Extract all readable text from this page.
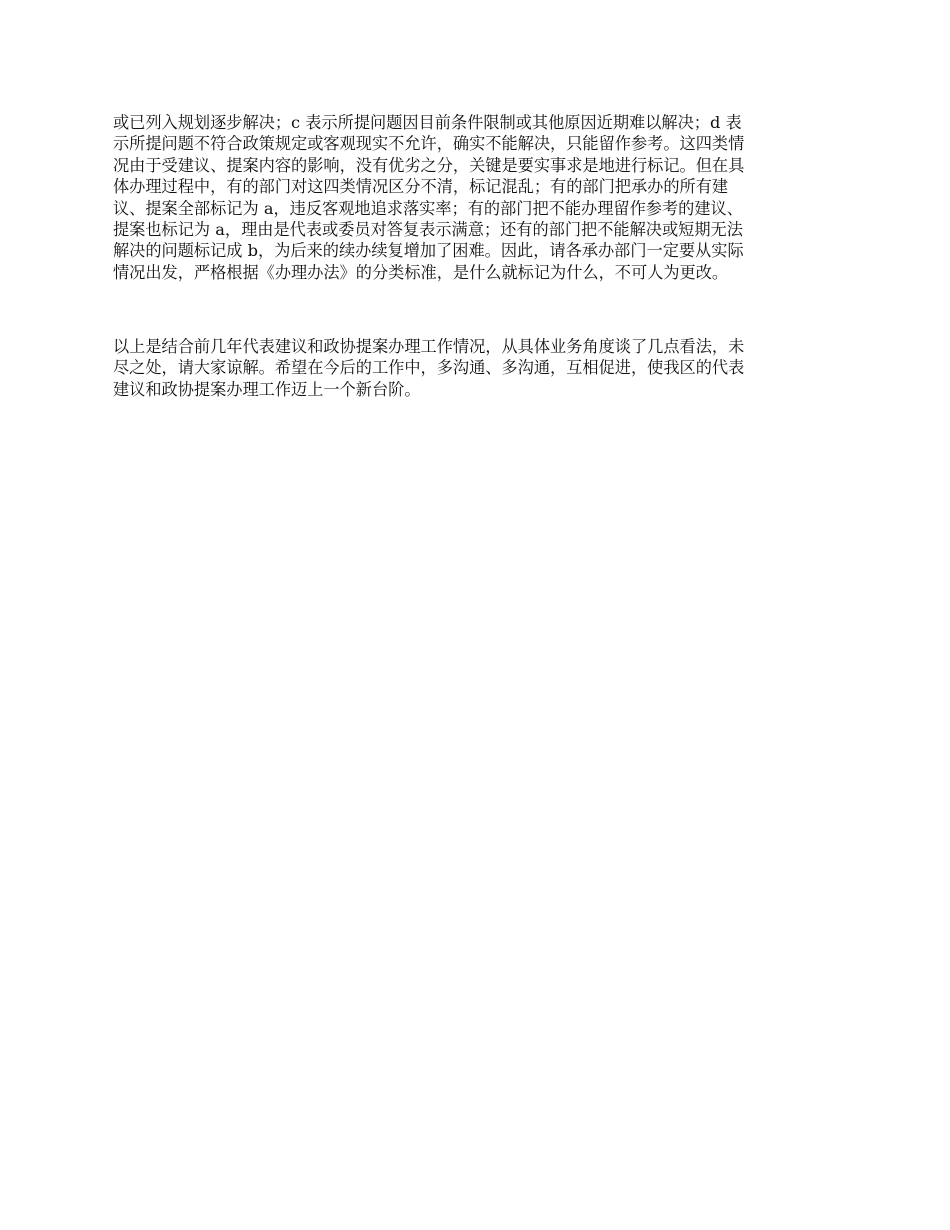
或已列入规划逐步解决；c 表示所提问题因目前条件限制或其他原因近期难以解决；d 表
示所提问题不符合政策规定或客观现实不允许，确实不能解决，只能留作参考。这四类情
况由于受建议、提案内容的影响，没有优劣之分，关键是要实事求是地进行标记。但在具
体办理过程中，有的部门对这四类情况区分不清，标记混乱；有的部门把承办的所有建
议、提案全部标记为 a，违反客观地追求落实率；有的部门把不能办理留作参考的建议、
提案也标记为 a，理由是代表或委员对答复表示满意；还有的部门把不能解决或短期无法
解决的问题标记成 b，为后来的续办续复增加了困难。因此，请各承办部门一定要从实际
情况出发，严格根据《办理办法》的分类标准，是什么就标记为什么，不可人为更改。

以上是结合前几年代表建议和政协提案办理工作情况，从具体业务角度谈了几点看法，未
尽之处，请大家谅解。希望在今后的工作中，多沟通、多沟通，互相促进，使我区的代表
建议和政协提案办理工作迈上一个新台阶。
